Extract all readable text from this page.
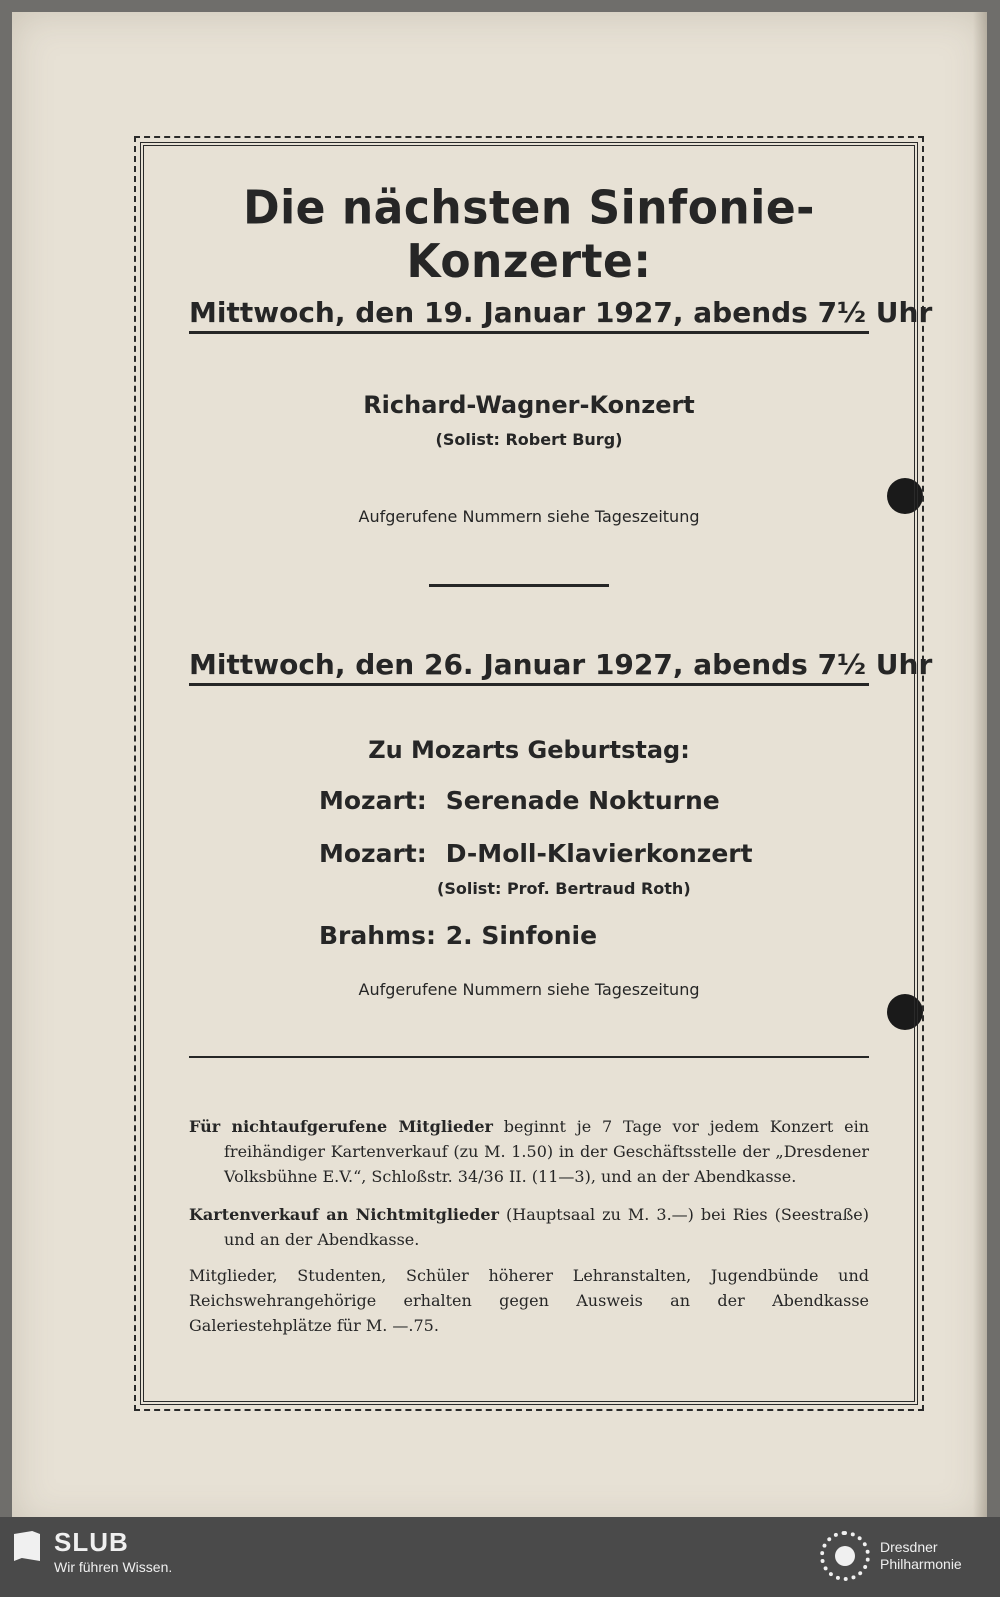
Die nächsten Sinfonie-Konzerte:
Mittwoch, den 19. Januar 1927, abends 7½ Uhr
Richard-Wagner-Konzert
(Solist: Robert Burg)
Aufgerufene Nummern siehe Tageszeitung
Mittwoch, den 26. Januar 1927, abends 7½ Uhr
Zu Mozarts Geburtstag:
Mozart: Serenade Nokturne
Mozart: D-Moll-Klavierkonzert
(Solist: Prof. Bertraud Roth)
Brahms: 2. Sinfonie
Aufgerufene Nummern siehe Tageszeitung
Für nichtaufgerufene Mitglieder beginnt je 7 Tage vor jedem Konzert ein freihändiger Kartenverkauf (zu M. 1.50) in der Geschäftsstelle der „Dresdener Volksbühne E.V.“, Schloßstr. 34/36 II. (11—3), und an der Abendkasse.
Kartenverkauf an Nichtmitglieder (Hauptsaal zu M. 3.—) bei Ries (Seestraße) und an der Abendkasse.
Mitglieder, Studenten, Schüler höherer Lehranstalten, Jugendbünde und Reichswehrangehörige erhalten gegen Ausweis an der Abendkasse Galeriestehplätze für M. —.75.
SLUB
Wir führen Wissen.
Dresdner
Philharmonie
